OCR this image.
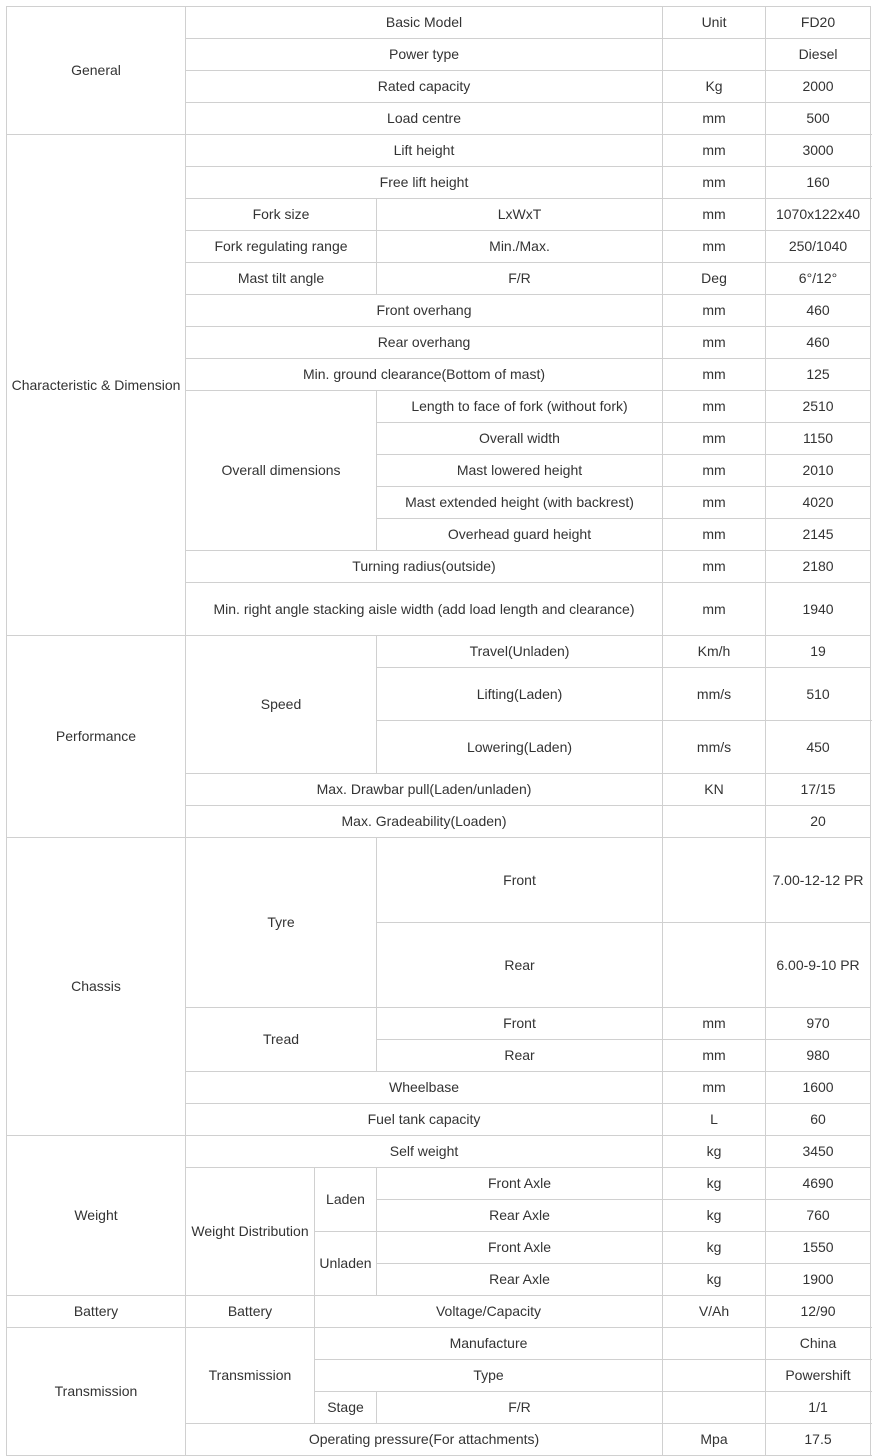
General	Basic Model			Unit	FD20	
	Power type				Diesel	
	Rated capacity			Kg	2000	
	Load centre			mm	500	
Characteristic & Dimension	Lift height			mm	3000	
	Free lift height			mm	160	
	Fork size		LxWxT	mm	1070x122x40	
	Fork regulating range		Min./Max.	mm	250/1040	
	Mast tilt angle		F/R	Deg	6°/12°	
	Front overhang			mm	460	
	Rear overhang			mm	460	
	Min. ground clearance(Bottom of mast)			mm	125	
	Overall dimensions		Length to face of fork (without fork)	mm	2510	
			Overall width	mm	1150	
			Mast lowered height	mm	2010	
			Mast extended height (with backrest)	mm	4020	
			Overhead guard height	mm	2145	
	Turning radius(outside)			mm	2180	
	Min. right angle stacking aisle width (add load length and clearance)			mm	1940	
Performance	Speed		Travel(Unladen)	Km/h	19	
			Lifting(Laden)	mm/s	510	
			Lowering(Laden)	mm/s	450	
	Max. Drawbar pull(Laden/unladen)			KN	17/15	
	Max. Gradeability(Loaden)				20	
Chassis	Tyre		Front		7.00-12-12 PR	
			Rear		6.00-9-10 PR	
	Tread		Front	mm	970	
			Rear	mm	980	
	Wheelbase			mm	1600	
	Fuel tank capacity			L	60	
Weight	Self weight			kg	3450	
	Weight Distribution	Laden	Front Axle	kg	4690	
			Rear Axle	kg	760	
		Unladen	Front Axle	kg	1550	
			Rear Axle	kg	1900	
Battery	Battery	Voltage/Capacity		V/Ah	12/90	
Transmission	Transmission	Manufacture			China	
		Type			Powershift	
		Stage	F/R		1/1	
	Operating pressure(For attachments)			Mpa	17.5	
